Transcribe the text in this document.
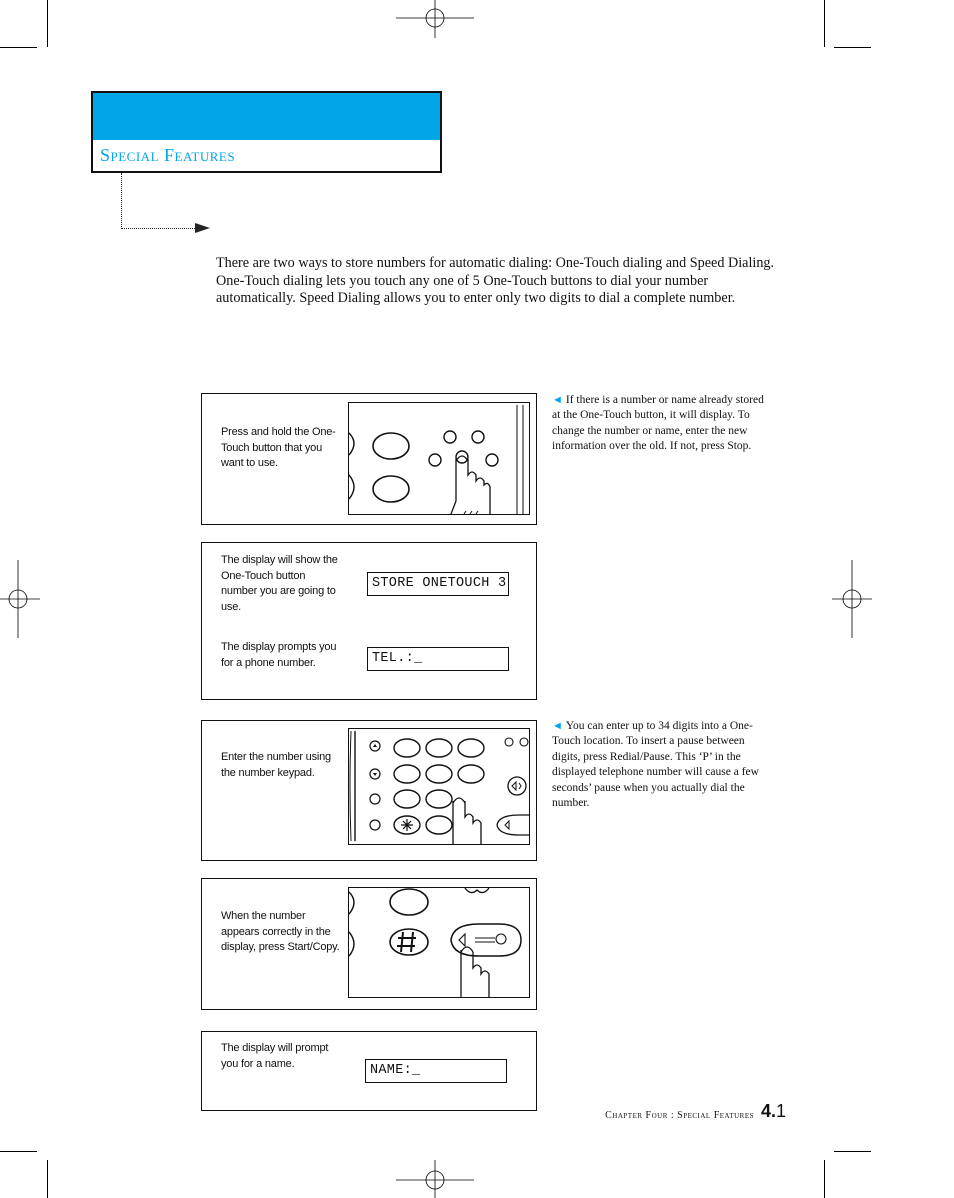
Special Features

There are two ways to store numbers for automatic dialing: One-Touch dialing and Speed Dialing. One-Touch dialing lets you touch any one of 5 One-Touch buttons to dial your number automatically. Speed Dialing allows you to enter only two digits to dial a complete number.

Press and hold the One-Touch button that you want to use.
The display will show the One-Touch button number you are going to use.
STORE ONETOUCH 3
The display prompts you for a phone number.	TEL.:_
Enter the number using the number keypad.
When the number appears correctly in the display, press Start/Copy.
The display will prompt you for a name.	NAME:_
◄ If there is a number or name already stored at the One-Touch button, it will display. To change the number or name, enter the new information over the old. If not, press Stop.
◄ You can enter up to 34 digits into a One-Touch location. To insert a pause between digits, press Redial/Pause. This ‘P’ in the displayed telephone number will cause a few seconds’ pause when you actually dial the number.
Chapter Four : Special Features 4.1
